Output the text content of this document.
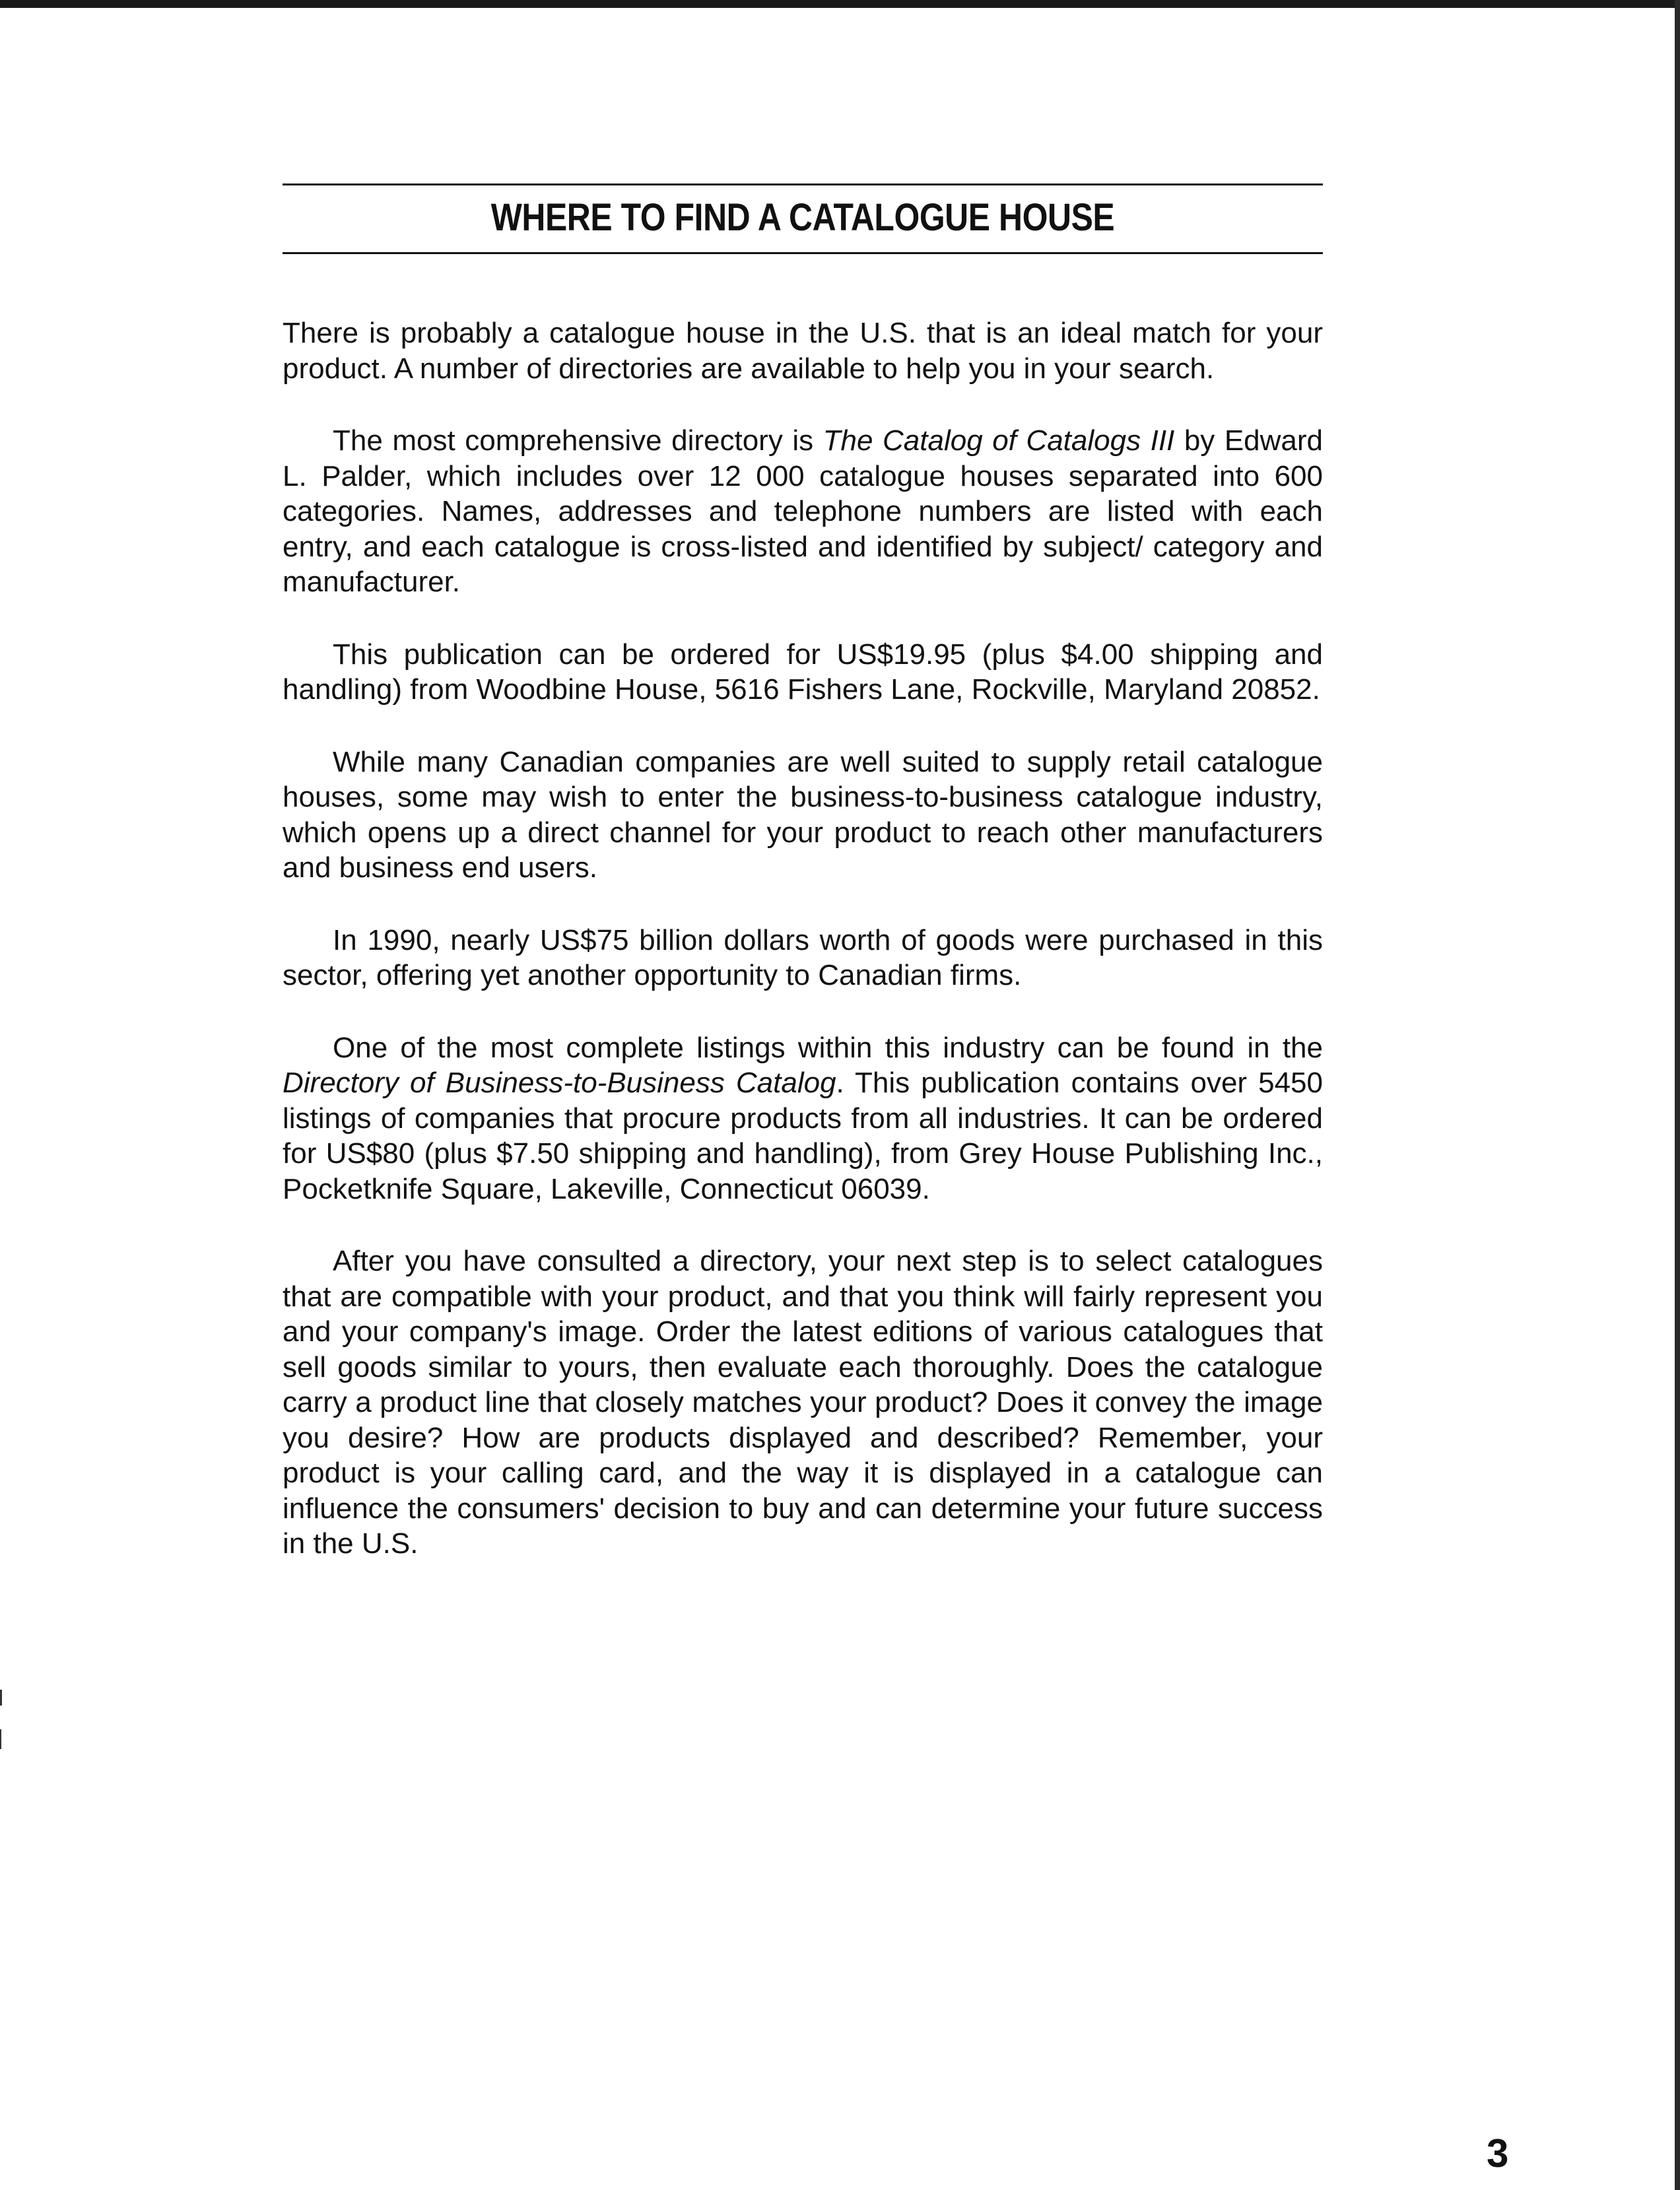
WHERE TO FIND A CATALOGUE HOUSE

There is probably a catalogue house in the U.S. that is an ideal match for your product. A number of directories are available to help you in your search.

The most comprehensive directory is The Catalog of Catalogs III by Edward L. Palder, which includes over 12 000 catalogue houses separated into 600 categories. Names, addresses and telephone numbers are listed with each entry, and each catalogue is cross-listed and identified by subject/ category and manufacturer.

This publication can be ordered for US$19.95 (plus $4.00 shipping and handling) from Woodbine House, 5616 Fishers Lane, Rockville, Maryland 20852.

While many Canadian companies are well suited to supply retail catalogue houses, some may wish to enter the business-to-business catalogue industry, which opens up a direct channel for your product to reach other manufacturers and business end users.

In 1990, nearly US$75 billion dollars worth of goods were purchased in this sector, offering yet another opportunity to Canadian firms.

One of the most complete listings within this industry can be found in the Directory of Business-to-Business Catalog. This publication contains over 5450 listings of companies that procure products from all industries. It can be ordered for US$80 (plus $7.50 shipping and handling), from Grey House Publishing Inc., Pocketknife Square, Lakeville, Connecticut 06039.

After you have consulted a directory, your next step is to select catalogues that are compatible with your product, and that you think will fairly represent you and your company's image. Order the latest editions of various catalogues that sell goods similar to yours, then evaluate each thoroughly. Does the catalogue carry a product line that closely matches your product? Does it convey the image you desire? How are products displayed and described? Remember, your product is your calling card, and the way it is displayed in a catalogue can influence the consumers' decision to buy and can determine your future success in the U.S.

3
